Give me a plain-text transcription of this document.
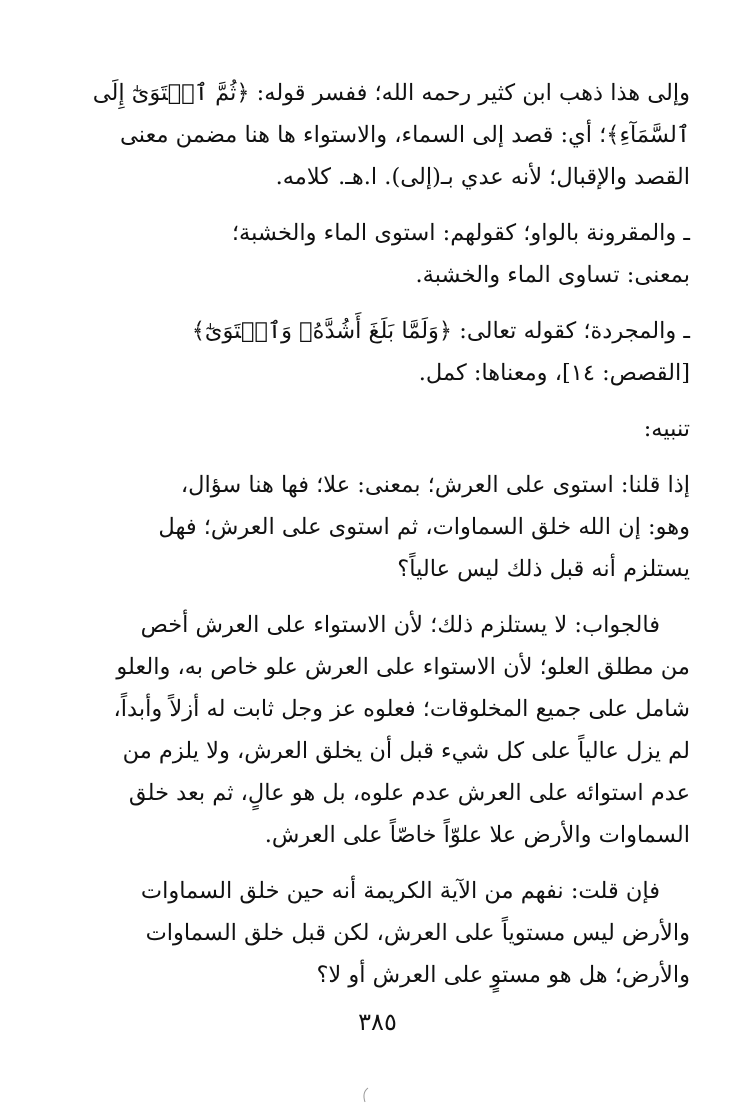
وإلى هذا ذهب ابن كثير رحمه الله؛ ففسر قوله: ﴿ثُمَّ ٱسۡتَوَىٰٓ إِلَى
ٱلسَّمَآءِ﴾؛ أي: قصد إلى السماء، والاستواء ها هنا مضمن معنى
القصد والإقبال؛ لأنه عدي بـ(إلى). ا.هـ. كلامه.
ـ والمقرونة بالواو؛ كقولهم: استوى الماء والخشبة؛
بمعنى: تساوى الماء والخشبة.
ـ والمجردة؛ كقوله تعالى: ﴿وَلَمَّا بَلَغَ أَشُدَّهُۥ وَٱسۡتَوَىٰٓ﴾
[القصص: ١٤]، ومعناها: كمل.
تنبيه:
إذا قلنا: استوى على العرش؛ بمعنى: علا؛ فها هنا سؤال،
وهو: إن الله خلق السماوات، ثم استوى على العرش؛ فهل
يستلزم أنه قبل ذلك ليس عالياً؟
فالجواب: لا يستلزم ذلك؛ لأن الاستواء على العرش أخص
من مطلق العلو؛ لأن الاستواء على العرش علو خاص به، والعلو
شامل على جميع المخلوقات؛ فعلوه عز وجل ثابت له أزلاً وأبداً،
لم يزل عالياً على كل شيء قبل أن يخلق العرش، ولا يلزم من
عدم استوائه على العرش عدم علوه، بل هو عالٍ، ثم بعد خلق
السماوات والأرض علا علوّاً خاصّاً على العرش.
فإن قلت: نفهم من الآية الكريمة أنه حين خلق السماوات
والأرض ليس مستوياً على العرش، لكن قبل خلق السماوات
والأرض؛ هل هو مستوٍ على العرش أو لا؟
٣٨٥
